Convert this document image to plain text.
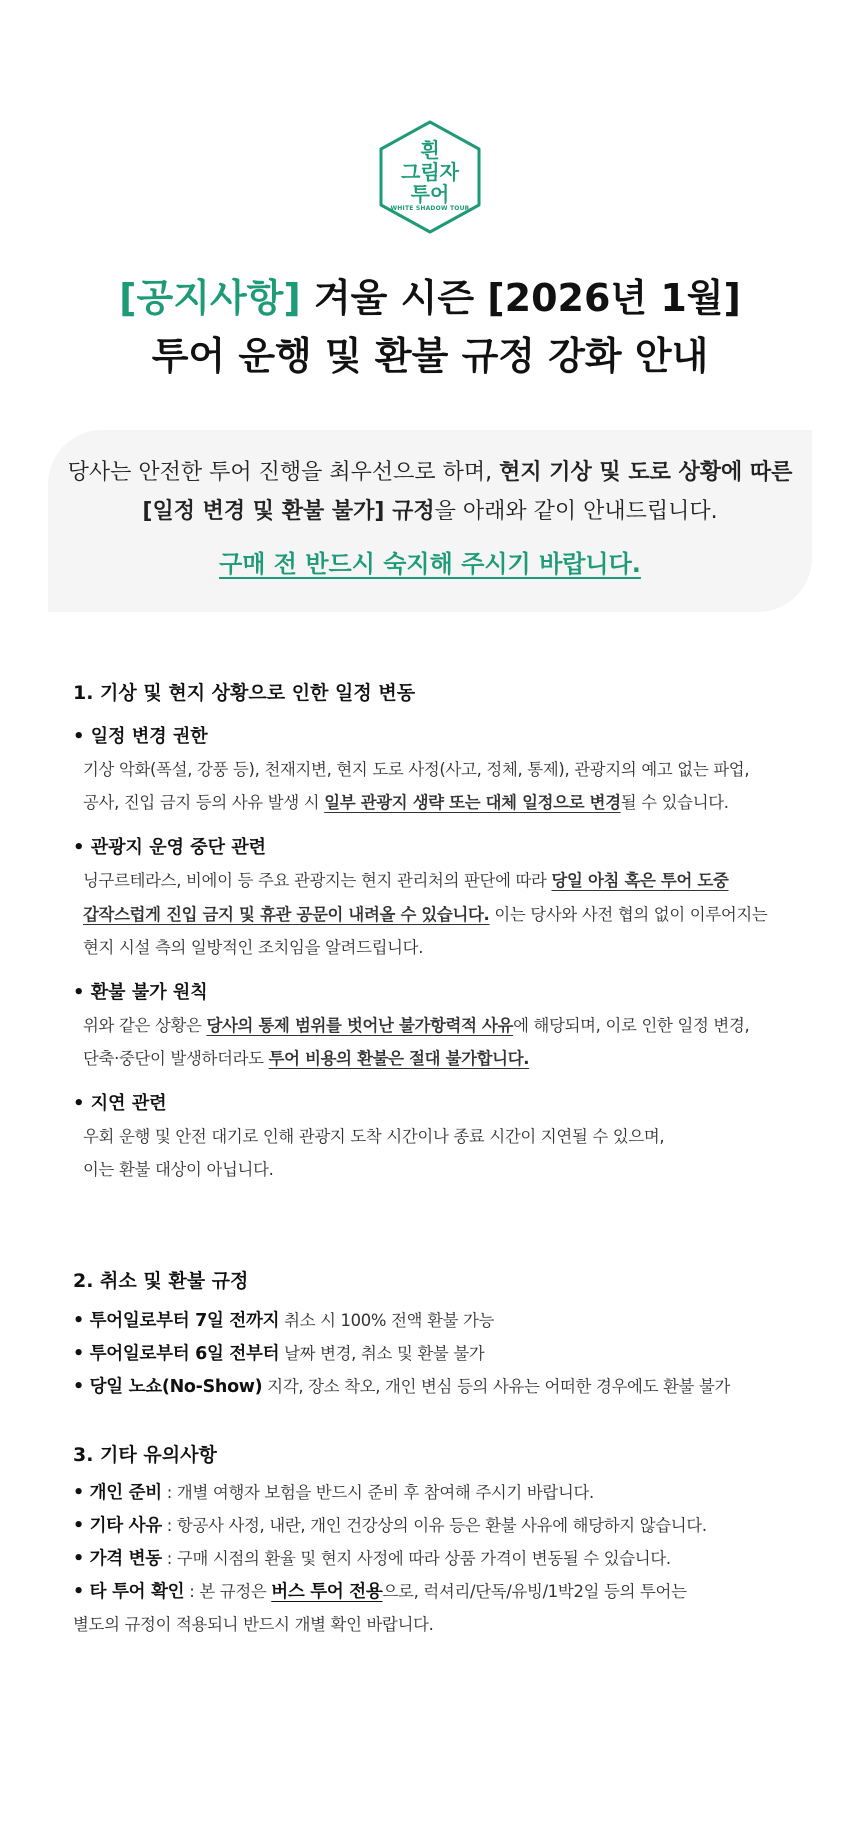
흰
그림자
투어
WHITE SHADOW TOUR
[공지사항] 겨울 시즌 [2026년 1월]
투어 운행 및 환불 규정 강화 안내
당사는 안전한 투어 진행을 최우선으로 하며, 현지 기상 및 도로 상황에 따른
[일정 변경 및 환불 불가] 규정을 아래와 같이 안내드립니다.
구매 전 반드시 숙지해 주시기 바랍니다.
1. 기상 및 현지 상황으로 인한 일정 변동
• 일정 변경 권한
기상 악화(폭설, 강풍 등), 천재지변, 현지 도로 사정(사고, 정체, 통제), 관광지의 예고 없는 파업,
공사, 진입 금지 등의 사유 발생 시 일부 관광지 생략 또는 대체 일정으로 변경될 수 있습니다.
• 관광지 운영 중단 관련
닝구르테라스, 비에이 등 주요 관광지는 현지 관리처의 판단에 따라 당일 아침 혹은 투어 도중
갑작스럽게 진입 금지 및 휴관 공문이 내려올 수 있습니다. 이는 당사와 사전 협의 없이 이루어지는
현지 시설 측의 일방적인 조치임을 알려드립니다.
• 환불 불가 원칙
위와 같은 상황은 당사의 통제 범위를 벗어난 불가항력적 사유에 해당되며, 이로 인한 일정 변경,
단축·중단이 발생하더라도 투어 비용의 환불은 절대 불가합니다.
• 지연 관련
우회 운행 및 안전 대기로 인해 관광지 도착 시간이나 종료 시간이 지연될 수 있으며,
이는 환불 대상이 아닙니다.
2. 취소 및 환불 규정
• 투어일로부터 7일 전까지 취소 시 100% 전액 환불 가능
• 투어일로부터 6일 전부터 날짜 변경, 취소 및 환불 불가
• 당일 노쇼(No-Show) 지각, 장소 착오, 개인 변심 등의 사유는 어떠한 경우에도 환불 불가
3. 기타 유의사항
• 개인 준비 : 개별 여행자 보험을 반드시 준비 후 참여해 주시기 바랍니다.
• 기타 사유 : 항공사 사정, 내란, 개인 건강상의 이유 등은 환불 사유에 해당하지 않습니다.
• 가격 변동 : 구매 시점의 환율 및 현지 사정에 따라 상품 가격이 변동될 수 있습니다.
• 타 투어 확인 : 본 규정은 버스 투어 전용으로, 럭셔리/단독/유빙/1박2일 등의 투어는
별도의 규정이 적용되니 반드시 개별 확인 바랍니다.
